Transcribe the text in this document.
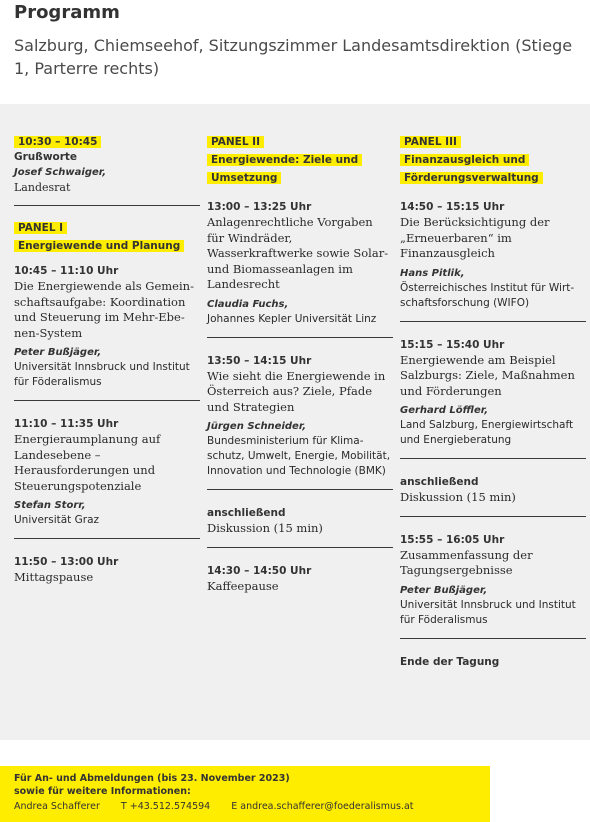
Programm
Salzburg, Chiemseehof, Sitzungszimmer Landesamtsdirektion (Stiege 1, Parterre rechts)
10:30 – 10:45
Grußworte
Josef Schwaiger,
Landesrat
PANEL I
Energiewende und Planung
10:45 – 11:10 Uhr
Die Energiewende als Gemeinschaftsaufgabe: Koordination und Steuerung im Mehr-Ebenen-System
Peter Bußjäger,
Universität Innsbruck und Institut für Föderalismus
11:10 – 11:35 Uhr
Energieraumplanung auf Landesebene – Herausforderungen und Steuerungspotenziale
Stefan Storr,
Universität Graz
11:50 – 13:00 Uhr
Mittagspause
PANEL II
Energiewende: Ziele und Umsetzung
13:00 – 13:25 Uhr
Anlagenrechtliche Vorgaben für Windräder, Wasserkraftwerke sowie Solar- und Biomasseanlagen im Landesrecht
Claudia Fuchs,
Johannes Kepler Universität Linz
13:50 – 14:15 Uhr
Wie sieht die Energiewende in Österreich aus? Ziele, Pfade und Strategien
Jürgen Schneider,
Bundesministerium für Klimaschutz, Umwelt, Energie, Mobilität, Innovation und Technologie (BMK)
anschließend
Diskussion (15 min)
14:30 – 14:50 Uhr
Kaffeepause
PANEL III
Finanzausgleich und Förderungsverwaltung
14:50 – 15:15 Uhr
Die Berücksichtigung der „Erneuerbaren“ im Finanzausgleich
Hans Pitlik,
Österreichisches Institut für Wirtschaftsforschung (WIFO)
15:15 – 15:40 Uhr
Energiewende am Beispiel Salzburgs: Ziele, Maßnahmen und Förderungen
Gerhard Löffler,
Land Salzburg, Energiewirtschaft und Energieberatung
anschließend
Diskussion (15 min)
15:55 – 16:05 Uhr
Zusammenfassung der Tagungsergebnisse
Peter Bußjäger,
Universität Innsbruck und Institut für Föderalismus
Ende der Tagung
Für An- und Abmeldungen (bis 23. November 2023)
sowie für weitere Informationen:
Andrea Schafferer T +43.512.574594 E andrea.schafferer@foederalismus.at
